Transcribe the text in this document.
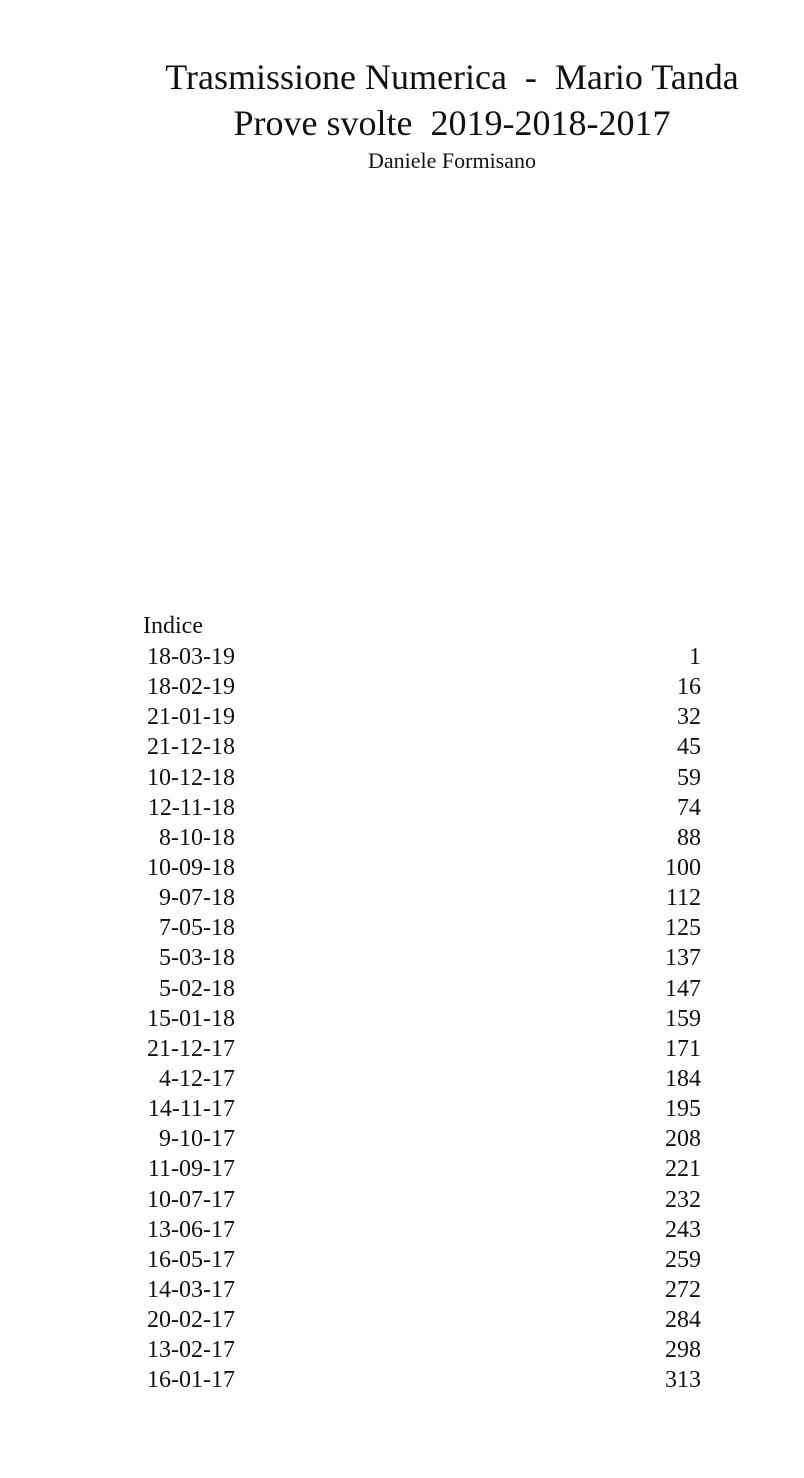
Trasmissione Numerica  -  Mario Tanda
Prove svolte  2019-2018-2017
Daniele Formisano
Indice
18-03-19	1
18-02-19	16
21-01-19	32
21-12-18	45
10-12-18	59
12-11-18	74
8-10-18	88
10-09-18	100
9-07-18	112
7-05-18	125
5-03-18	137
5-02-18	147
15-01-18	159
21-12-17	171
4-12-17	184
14-11-17	195
9-10-17	208
11-09-17	221
10-07-17	232
13-06-17	243
16-05-17	259
14-03-17	272
20-02-17	284
13-02-17	298
16-01-17	313
